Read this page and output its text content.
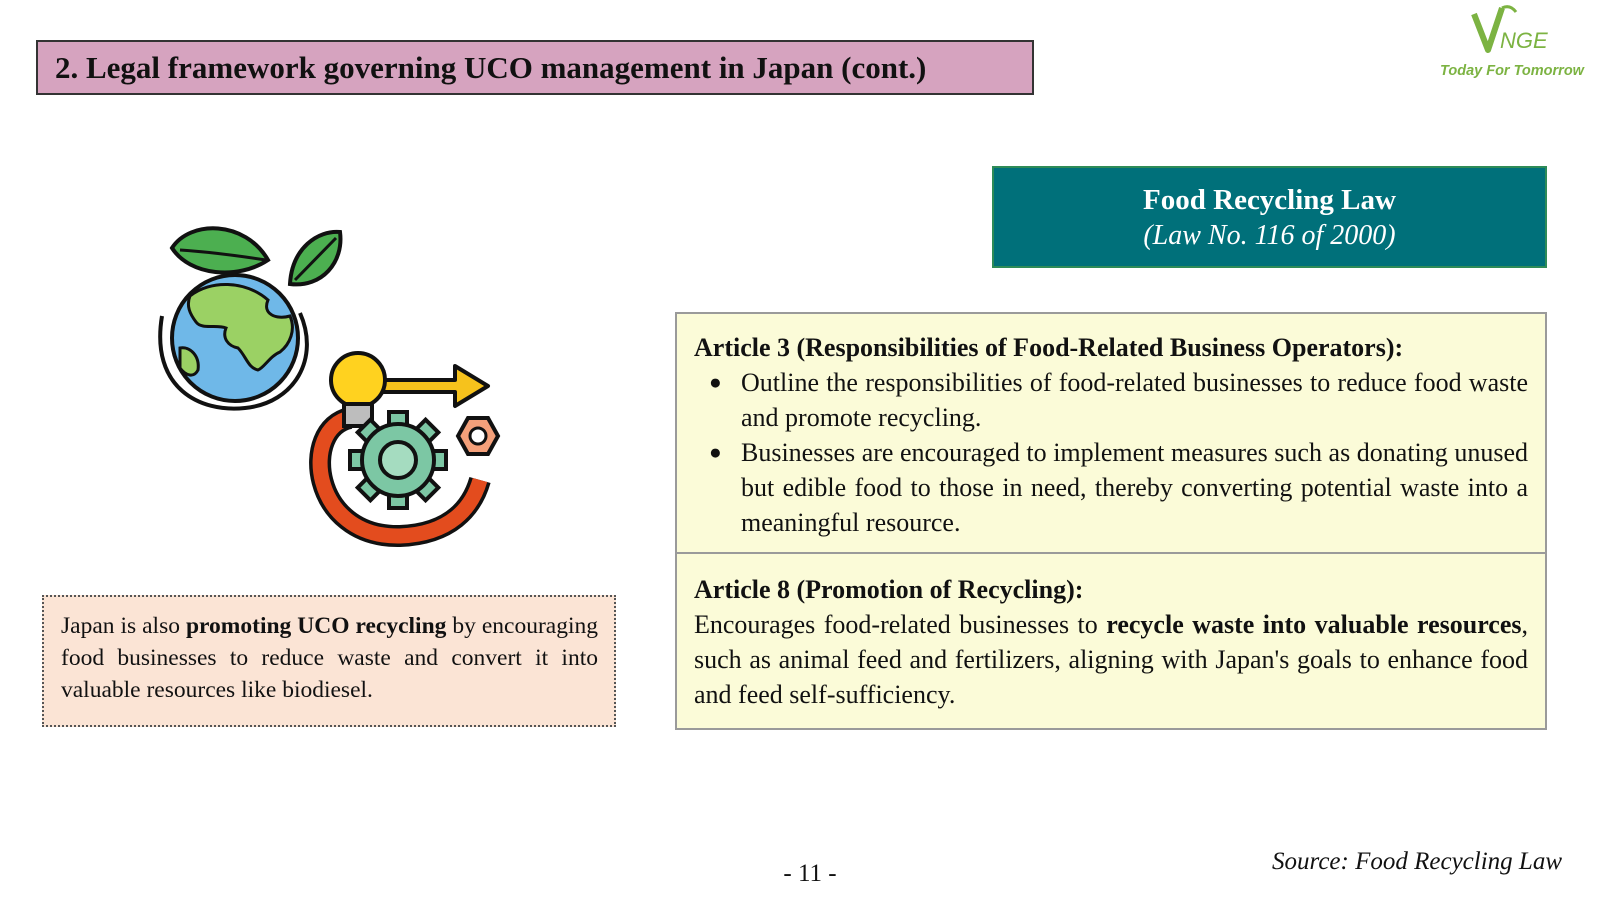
2. Legal framework governing UCO management in Japan (cont.)
NGE
Today For Tomorrow
Japan is also promoting UCO recycling by encouraging food businesses to reduce waste and convert it into valuable resources like biodiesel.
Food Recycling Law
(Law No. 116 of 2000)
Article 3 (Responsibilities of Food-Related Business Operators):
● Outline the responsibilities of food-related businesses to reduce food waste and promote recycling.
● Businesses are encouraged to implement measures such as donating unused but edible food to those in need, thereby converting potential waste into a meaningful resource.
Article 8 (Promotion of Recycling):
Encourages food-related businesses to recycle waste into valuable resources, such as animal feed and fertilizers, aligning with Japan's goals to enhance food and feed self-sufficiency.
- 11 -	Source: Food Recycling Law
